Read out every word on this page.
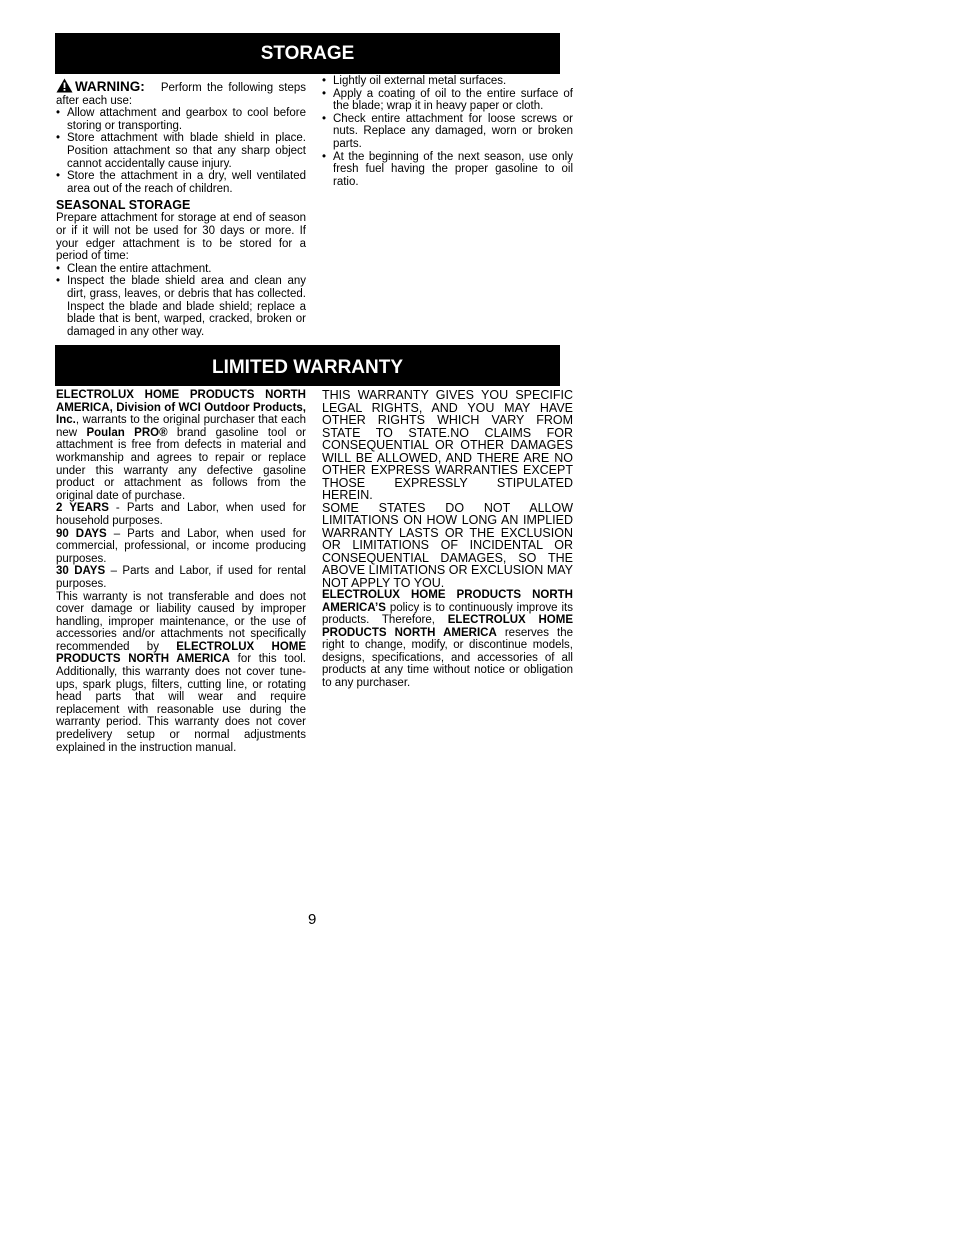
STORAGE

WARNING: Perform the following steps after each use:

• Allow attachment and gearbox to cool before storing or transporting.
• Store attachment with blade shield in place. Position attachment so that any sharp object cannot accidentally cause injury.
• Store the attachment in a dry, well ventilated area out of the reach of children.
SEASONAL STORAGE

Prepare attachment for storage at end of season or if it will not be used for 30 days or more. If your edger attachment is to be stored for a period of time:

• Clean the entire attachment.
• Inspect the blade shield area and clean any dirt, grass, leaves, or debris that has collected. Inspect the blade and blade shield; replace a blade that is bent, warped, cracked, broken or damaged in any other way.
• Lightly oil external metal surfaces.
• Apply a coating of oil to the entire surface of the blade; wrap it in heavy paper or cloth.
• Check entire attachment for loose screws or nuts. Replace any damaged, worn or broken parts.
• At the beginning of the next season, use only fresh fuel having the proper gasoline to oil ratio.
LIMITED WARRANTY

ELECTROLUX HOME PRODUCTS NORTH AMERICA, Division of WCI Outdoor Products, Inc., warrants to the original purchaser that each new Poulan PRO® brand gasoline tool or attachment is free from defects in material and workmanship and agrees to repair or replace under this warranty any defective gasoline product or attachment as follows from the original date of purchase.

2 YEARS - Parts and Labor, when used for household purposes.

90 DAYS – Parts and Labor, when used for commercial, professional, or income producing purposes.

30 DAYS – Parts and Labor, if used for rental purposes.

This warranty is not transferable and does not cover damage or liability caused by improper handling, improper maintenance, or the use of accessories and/or attachments not specifically recommended by ELECTROLUX HOME PRODUCTS NORTH AMERICA for this tool. Additionally, this warranty does not cover tune-ups, spark plugs, filters, cutting line, or rotating head parts that will wear and require replacement with reasonable use during the warranty period. This warranty does not cover predelivery setup or normal adjustments explained in the instruction manual.

THIS WARRANTY GIVES YOU SPECIFIC LEGAL RIGHTS, AND YOU MAY HAVE OTHER RIGHTS WHICH VARY FROM STATE TO STATE.NO CLAIMS FOR CONSEQUENTIAL OR OTHER DAMAGES WILL BE ALLOWED, AND THERE ARE NO OTHER EXPRESS WARRANTIES EXCEPT THOSE EXPRESSLY STIPULATED HEREIN.

SOME STATES DO NOT ALLOW LIMITATIONS ON HOW LONG AN IMPLIED WARRANTY LASTS OR THE EXCLUSION OR LIMITATIONS OF INCIDENTAL OR CONSEQUENTIAL DAMAGES, SO THE ABOVE LIMITATIONS OR EXCLUSION MAY NOT APPLY TO YOU.

ELECTROLUX HOME PRODUCTS NORTH AMERICA’S policy is to continuously improve its products. Therefore, ELECTROLUX HOME PRODUCTS NORTH AMERICA reserves the right to change, modify, or discontinue models, designs, specifications, and accessories of all products at any time without notice or obligation to any purchaser.

9
